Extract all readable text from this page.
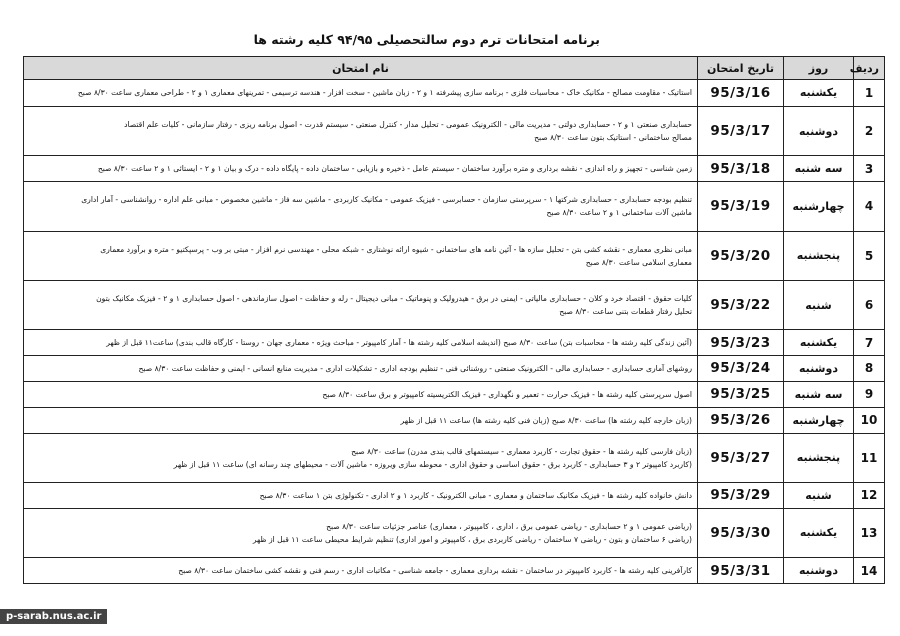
برنامه امتحانات ترم دوم سالتحصیلی ۹۴/۹۵ کلیه رشته ها
ردیف	روز	تاریخ امتحان	نام امتحان
1	یکشنبه	95/3/16	استاتیک - مقاومت مصالح - مکانیک خاک - محاسبات فلزی - برنامه سازی پیشرفته ۱ و ۲ - زبان ماشین - سخت افزار - هندسه ترسیمی - تمرینهای معماری ۱ و ۲ - طراحی معماری ساعت ۸/۳۰ صبح

2	دوشنبه	95/3/17	حسابداری صنعتی ۱ و ۲ - حسابداری دولتی - مدیریت مالی - الکترونیک عمومی - تحلیل مدار - کنترل صنعتی - سیستم قدرت - اصول برنامه ریزی - رفتار سازمانی - کلیات علم اقتصاد
مصالح ساختمانی - استاتیک بتون ساعت ۸/۳۰ صبح

3	سه شنبه	95/3/18	زمین شناسی - تجهیز و راه اندازی - نقشه برداری و متره برآورد ساختمان - سیستم عامل - ذخیره و بازیابی - ساختمان داده - پایگاه داده - درک و بیان ۱ و ۲ - ایستائی ۱ و ۲ ساعت ۸/۳۰ صبح

4	چهارشنبه	95/3/19	تنظیم بودجه حسابداری - حسابداری شرکتها ۱ - سرپرستی سازمان - حسابرسی - فیزیک عمومی - مکانیک کاربردی - ماشین سه فاز - ماشین مخصوص - مبانی علم اداره - روانشناسی - آمار اداری
ماشین آلات ساختمانی ۱ و ۲ ساعت ۸/۳۰ صبح

5	پنجشنبه	95/3/20	مبانی نظری معماری - نقشه کشی بتن - تحلیل سازه ها - آئین نامه های ساختمانی - شیوه ارائه نوشتاری - شبکه محلی - مهندسی نرم افزار - مبتی بر وب - پرسپکتیو - متره و برآورد معماری
معماری اسلامی ساعت ۸/۳۰ صبح

6	شنبه	95/3/22	کلیات حقوق - اقتصاد خرد و کلان - حسابداری مالیاتی - ایمنی در برق - هیدرولیک و پنوماتیک - مبانی دیجیتال - رله و حفاظت - اصول سازماندهی - اصول حسابداری ۱ و ۲ - فیزیک مکانیک بتون
تحلیل رفتار قطعات بتنی ساعت ۸/۳۰ صبح

7	یکشنبه	95/3/23	(آئین زندگی کلیه رشته ها - محاسبات بتن) ساعت ۸/۳۰ صبح (اندیشه اسلامی کلیه رشته ها - آمار کامپیوتر - مباحث ویژه - معماری جهان - روستا - کارگاه قالب بندی) ساعت۱۱ قبل از ظهر

8	دوشنبه	95/3/24	روشهای آماری حسابداری - حسابداری مالی - الکترونیک صنعتی - روشنائی فنی - تنظیم بودجه اداری - تشکیلات اداری - مدیریت منابع انسانی - ایمنی و حفاظت ساعت ۸/۳۰ صبح

9	سه شنبه	95/3/25	اصول سرپرستی کلیه رشته ها - فیزیک حرارت - تعمیر و نگهداری - فیزیک الکتریسیته کامپیوتر و برق ساعت ۸/۳۰ صبح

10	چهارشنبه	95/3/26	(زبان خارجه کلیه رشته ها) ساعت ۸/۳۰ صبح (زبان فنی کلیه رشته ها) ساعت ۱۱ قبل از ظهر

11	پنجشنبه	95/3/27	(زبان فارسی کلیه رشته ها - حقوق تجارت - کاربرد معماری - سیستمهای قالب بندی مدرن) ساعت ۸/۳۰ صبح
(کاربرد کامپیوتر ۲ و ۳ حسابداری - کاربرد برق - حقوق اساسی و حقوق اداری - محوطه سازی ویروزه - ماشین آلات - محیطهای چند رسانه ای) ساعت ۱۱ قبل از ظهر

12	شنبه	95/3/29	دانش خانواده کلیه رشته ها - فیزیک مکانیک ساختمان و معماری - مبانی الکترونیک - کاربرد ۱ و ۲ اداری - تکنولوژی بتن ۱ ساعت ۸/۳۰ صبح

13	یکشنبه	95/3/30	(ریاضی عمومی ۱ و ۲ حسابداری - ریاضی عمومی برق ، اداری ، کامپیوتر ، معماری) عناصر جزئیات ساعت ۸/۳۰ صبح
(ریاضی ۶ ساختمان و بتون - ریاضی ۷ ساختمان - ریاضی کاربردی برق ، کامپیوتر و امور اداری) تنظیم شرایط محیطی ساعت ۱۱ قبل از ظهر

14	دوشنبه	95/3/31	کارآفرینی کلیه رشته ها - کاربرد کامپیوتر در ساختمان - نقشه برداری معماری - جامعه شناسی - مکاتبات اداری - رسم فنی و نقشه کشی ساختمان ساعت ۸/۳۰ صبح
p-sarab.nus.ac.ir
